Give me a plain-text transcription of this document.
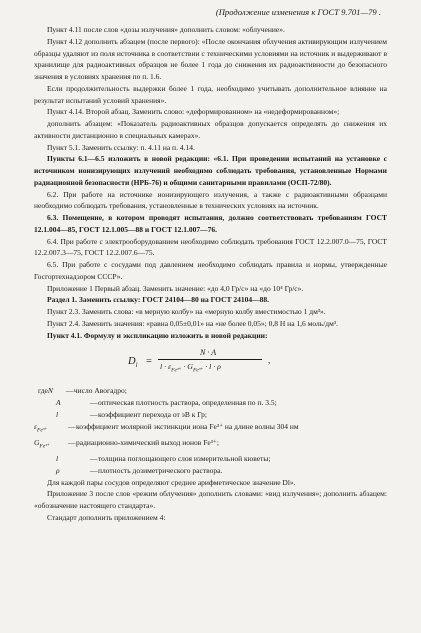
(Продолжение изменения к ГОСТ 9.701—79 .

Пункт 4.11 после слов «дозы излучения» дополнить словом: «облучение».

Пункт 4.12 дополнить абзацем (после первого): «После окончания облучения активирующим излучением образцы удаляют из поля источника в соответствии с техническими условиями на источник и выдерживают в хранилище для радиоактивных образцов не более 1 года до снижения их радиоактивности до безопасного значения в условиях хранения по п. 1.6.

Если продолжительность выдержки более 1 года, необходимо учитывать дополнительное влияние на результат испытаний условий хранения».

Пункт 4.14. Второй абзац. Заменить слово: «деформированном» на «недеформированном»;

дополнить абзацем: «Показатель радиоактивных образцов допускается определять до снижения их активности дистанционно в специальных камерах».

Пункт 5.1. Заменить ссылку: п. 4.11 на п. 4.14.

Пункты 6.1—6.5 изложить в новой редакции: «6.1. При проведении испытаний на установке с источником ионизирующих излучений необходимо соблюдать требования, установленные Нормами радиационной безопасности (НРБ-76) и общими санитарными правилами (ОСП-72/80).

6.2. При работе на источнике ионизирующего излучения, а также с радиоактивными образцами необходимо соблюдать требования, установленные в технических условиях на источник.

6.3. Помещение, в котором проводят испытания, должно соответствовать требованиям ГОСТ 12.1.004—85, ГОСТ 12.1.005—88 и ГОСТ 12.1.007—76.

6.4. При работе с электрооборудованием необходимо соблюдать требования ГОСТ 12.2.007.0—75, ГОСТ 12.2.007.3—75, ГОСТ 12.2.007.6—75.

6.5. При работе с сосудами под давлением необходимо соблюдать правила и нормы, утвержденные Госгортехнадзором СССР».

Приложение 1 Первый абзац. Заменить значение: «до 4,0 Гр/с» на «до 10⁴ Гр/с».

Раздел 1. Заменить ссылку: ГОСТ 24104—80 на ГОСТ 24104—88.

Пункт 2.3. Заменить слова: «в мерную колбу» на «мерную колбу вместимостью 1 дм³».

Пункт 2.4. Заменить значения: «равна 0,05±0,01» на «не более 0,05»; 0,8 Н на 1,6 моль/дм³.

Пункт 4.1. Формулу и экспликацию изложить в новой редакции:

$D_l$ =
N · A
$l \cdot \varepsilon_{Fe^{3+}} \cdot G_{Fe^{3+}} \cdot l \cdot \rho$
,
где N	— число Авогадро;
A	— оптическая плотность раствора, определенная по п. 3.5;
l	— коэффициент перехода от эВ к Гр;
$\varepsilon_{Fe^{3+}}$	— коэффициент молярной экстинкции иона Fe³⁺ на длине волны 304 нм
$G_{Fe^{3+}}$	— радиационно-химический выход ионов Fe³⁺;
l	— толщина поглощающего слоя измерительной кюветы;
ρ	— плотность дозиметрического раствора.

Для каждой пары сосудов определяют среднее арифметическое значение Dl».

Приложение 3 после слов «режим облучения» дополнить словами: «вид излучения»; дополнить абзацем: «обозначение настоящего стандарта».

Стандарт дополнить приложением 4:
